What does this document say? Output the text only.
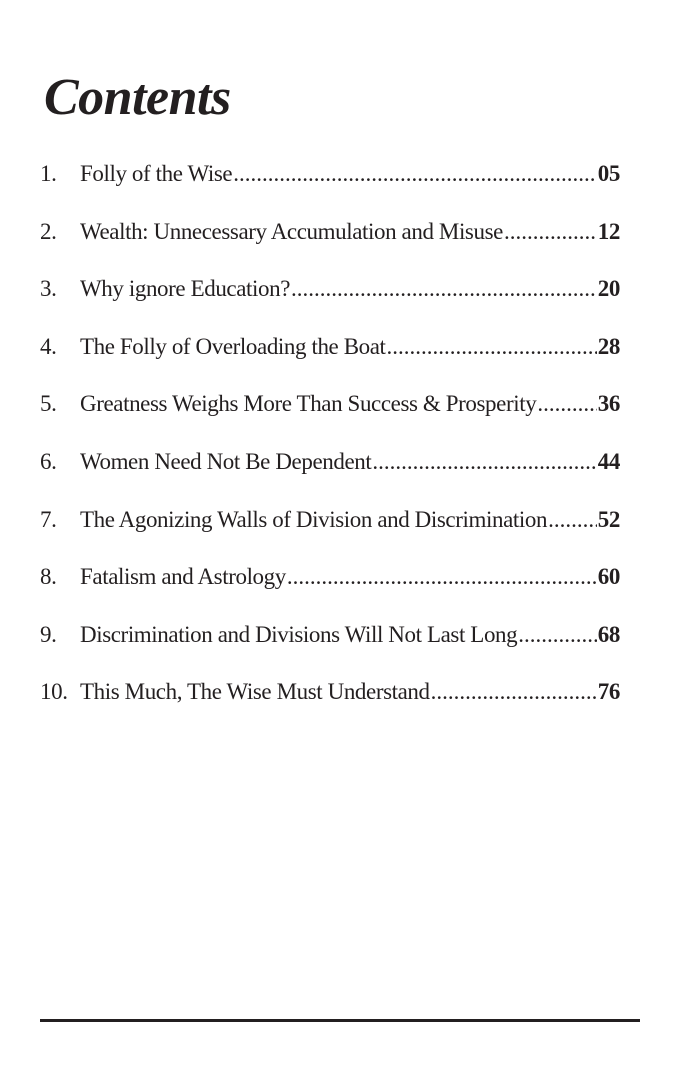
Contents
1.	Folly of the Wise .....	05
2.	Wealth: Unnecessary Accumulation and Misuse .....	12
3.	Why ignore Education? .....	20
4.	The Folly of Overloading the Boat .....	28
5.	Greatness Weighs More Than Success & Prosperity .....	36
6.	Women Need Not Be Dependent .....	44
7.	The Agonizing Walls of Division and Discrimination ..... 52
8.	Fatalism and Astrology .....	60
9.	Discrimination and Divisions Will Not Last Long .....	68
10. This Much, The Wise Must Understand .....	76
